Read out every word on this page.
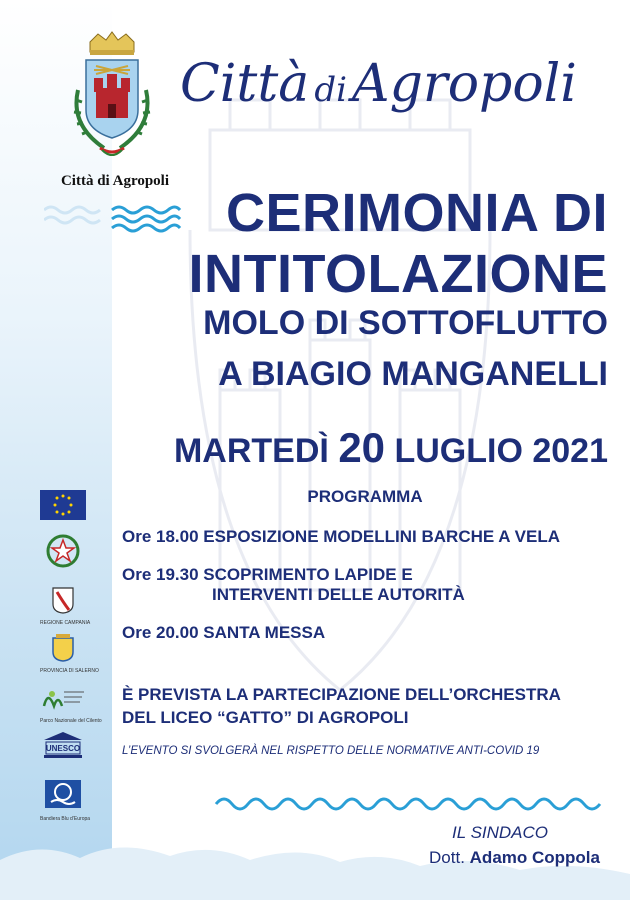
Città di Agropoli
Città di Agropoli
CERIMONIA DI
INTITOLAZIONE
MOLO DI SOTTOFLUTTO
A BIAGIO MANGANELLI
MARTEDÌ 20 LUGLIO 2021
PROGRAMMA
Ore 18.00 ESPOSIZIONE MODELLINI BARCHE A VELA
Ore 19.30 SCOPRIMENTO LAPIDE E
INTERVENTI DELLE AUTORITÀ
Ore 20.00 SANTA MESSA
È PREVISTA LA PARTECIPAZIONE DELL’ORCHESTRA
DEL LICEO “GATTO” DI AGROPOLI
L’EVENTO SI SVOLGERÀ NEL RISPETTO DELLE NORMATIVE ANTI-COVID 19
IL SINDACO
Dott. Adamo Coppola
REGIONE CAMPANIA
PROVINCIA DI SALERNO
Parco Nazionale del Cilento
UNESCO
Bandiera Blu d’Europa
